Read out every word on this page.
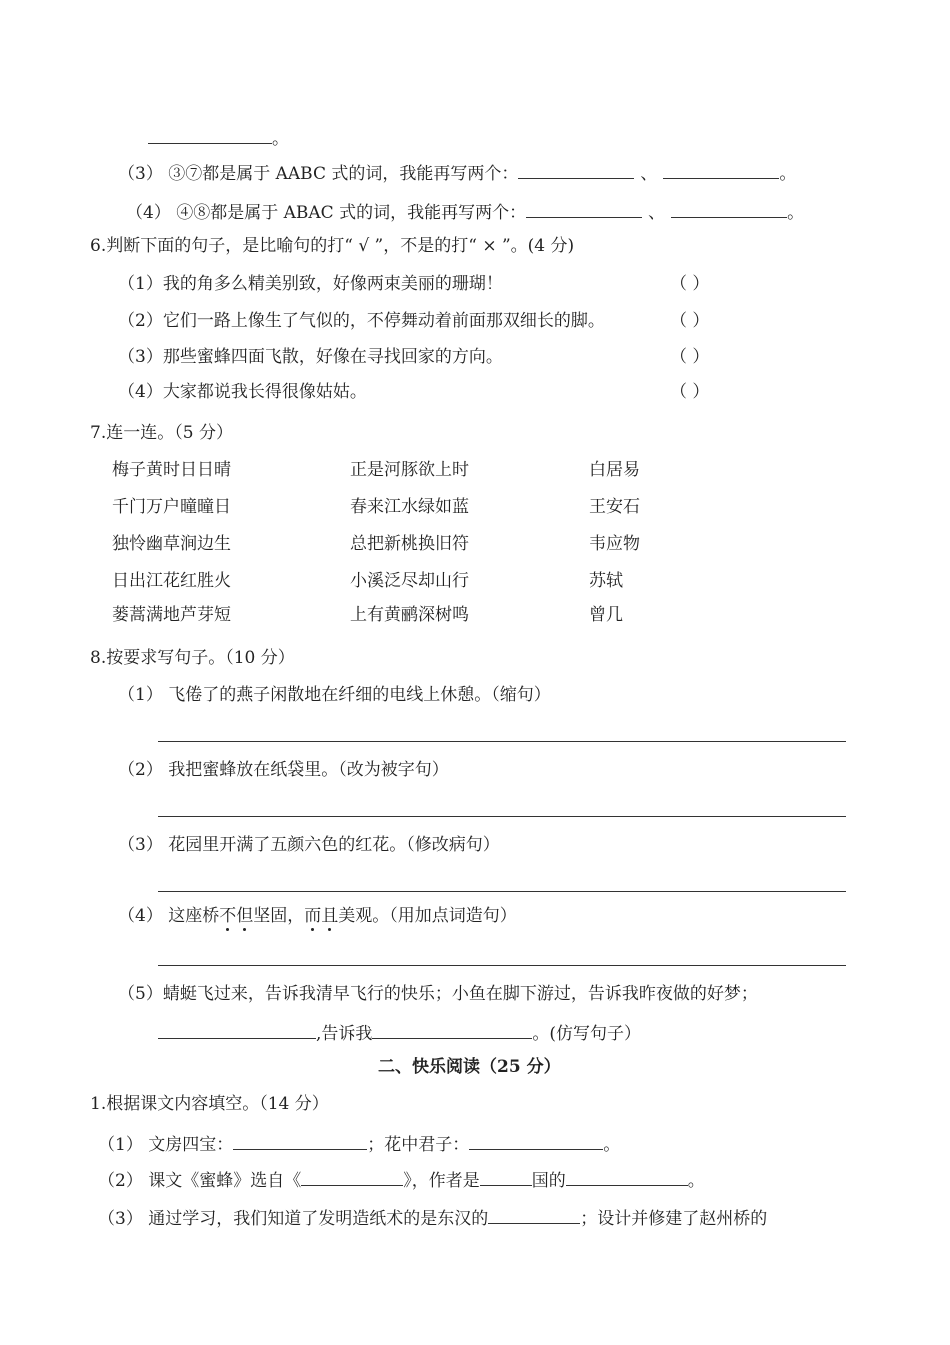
。
（3） ③⑦都是属于 AABC 式的词，我能再写两个：	、	。
（4） ④⑧都是属于 ABAC 式的词，我能再写两个：	、	。
6.判断下面的句子，是比喻句的打“ √ ”，不是的打“ × ”。(4 分)
（1）我的角多么精美别致，好像两束美丽的珊瑚！	（ ）
（2）它们一路上像生了气似的，不停舞动着前面那双细长的脚。	（ ）
（3）那些蜜蜂四面飞散，好像在寻找回家的方向。	（ ）
（4）大家都说我长得很像姑姑。	（ ）
7.连一连。（5 分）
梅子黄时日日晴	正是河豚欲上时	白居易
千门万户曈曈日	春来江水绿如蓝	王安石
独怜幽草涧边生	总把新桃换旧符	韦应物
日出江花红胜火	小溪泛尽却山行	苏轼
蒌蒿满地芦芽短	上有黄鹂深树鸣	曾几
8.按要求写句子。（10 分）
（1） 飞倦了的燕子闲散地在纤细的电线上休憩。（缩句）
（2） 我把蜜蜂放在纸袋里。（改为被字句）
（3） 花园里开满了五颜六色的红花。（修改病句）
（4） 这座桥不但坚固，而且美观。（用加点词造句）
（5）蜻蜓飞过来，告诉我清早飞行的快乐；小鱼在脚下游过，告诉我昨夜做的好梦；
,告诉我	。(仿写句子）
二、快乐阅读（25 分）
1.根据课文内容填空。（14 分）
（1） 文房四宝：	；花中君子：	。
（2） 课文《蜜蜂》选自《	》，作者是	国的	。
（3） 通过学习，我们知道了发明造纸术的是东汉的	；设计并修建了赵州桥的
